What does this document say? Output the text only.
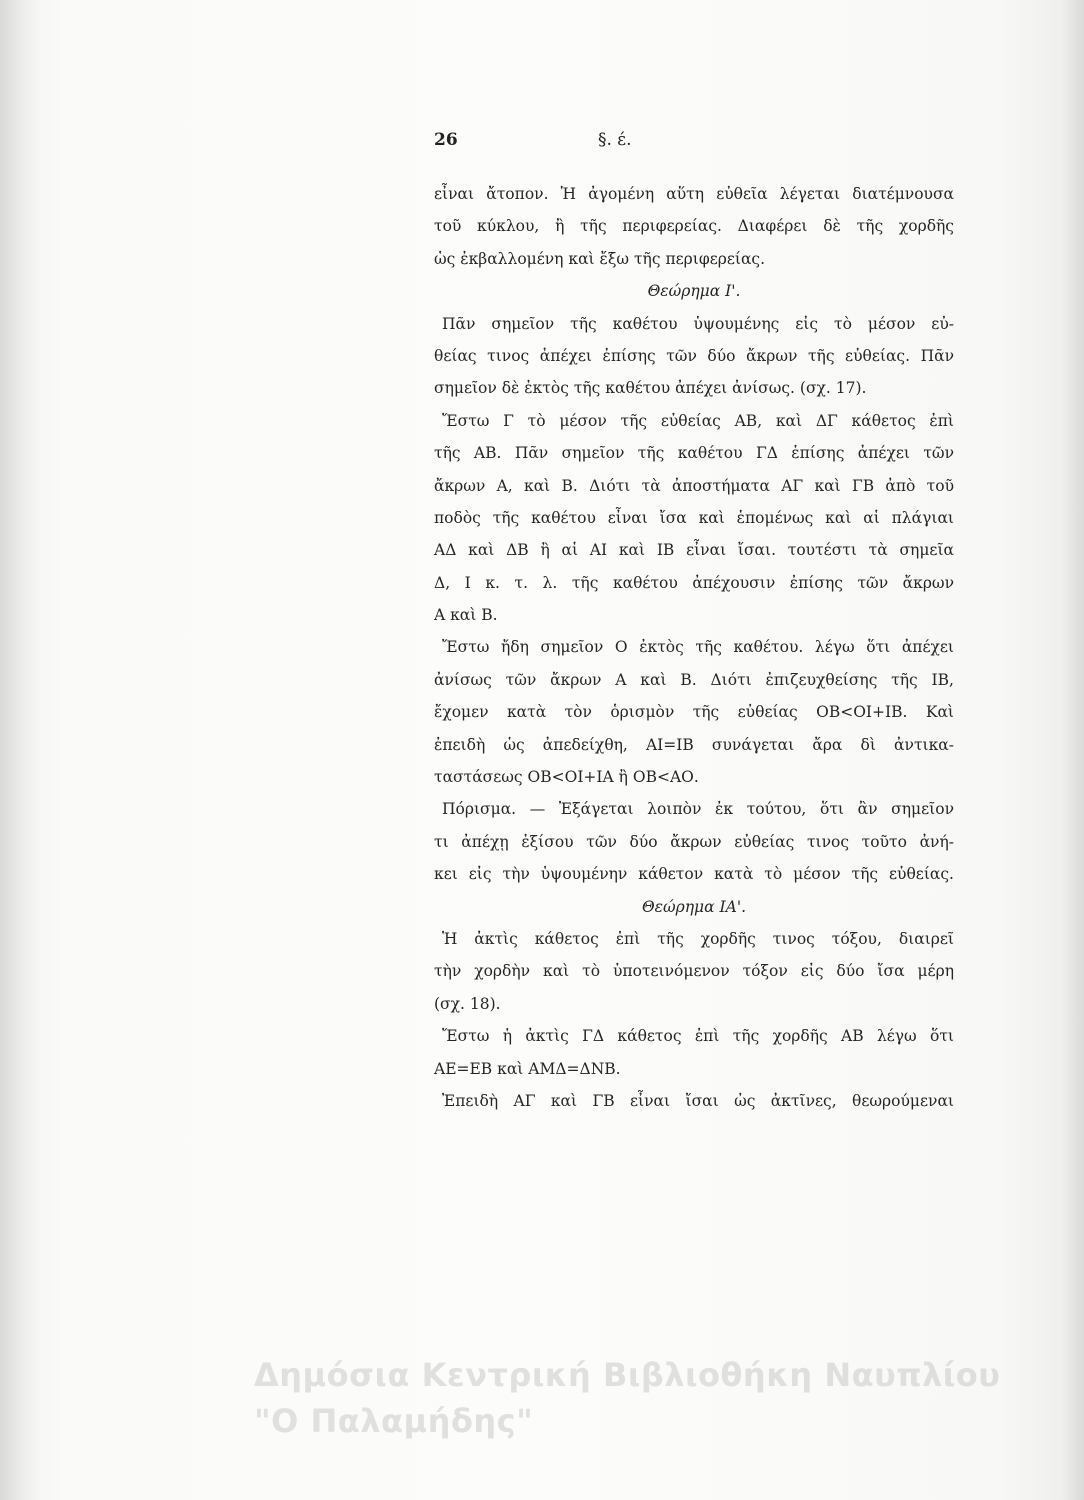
26	§. έ.
εἶναι ἄτοπον. Ἡ ἀγομένη αὕτη εὐθεῖα λέγεται διατέμνουσα
τοῦ κύκλου, ἢ τῆς περιφερείας. Διαφέρει δὲ τῆς χορδῆς
ὡς ἐκβαλλομένη καὶ ἔξω τῆς περιφερείας.
Θεώρημα Ι'.
Πᾶν σημεῖον τῆς καθέτου ὑψουμένης εἰς τὸ μέσον εὐ-
θείας τινος ἀπέχει ἐπίσης τῶν δύο ἄκρων τῆς εὐθείας. Πᾶν
σημεῖον δὲ ἐκτὸς τῆς καθέτου ἀπέχει ἀνίσως. (σχ. 17).
Ἔστω Γ τὸ μέσον τῆς εὐθείας ΑΒ, καὶ ΔΓ κάθετος ἐπὶ
τῆς ΑΒ. Πᾶν σημεῖον τῆς καθέτου ΓΔ ἐπίσης ἀπέχει τῶν
ἄκρων Α, καὶ Β. Διότι τὰ ἀποστήματα ΑΓ καὶ ΓΒ ἀπὸ τοῦ
ποδὸς τῆς καθέτου εἶναι ἴσα καὶ ἑπομένως καὶ αἱ πλάγιαι
ΑΔ καὶ ΔΒ ἢ αἱ ΑΙ καὶ ΙΒ εἶναι ἴσαι. τουτέστι τὰ σημεῖα
Δ, Ι κ. τ. λ. τῆς καθέτου ἀπέχουσιν ἐπίσης τῶν ἄκρων
Α καὶ Β.
Ἔστω ἤδη σημεῖον Ο ἐκτὸς τῆς καθέτου. λέγω ὅτι ἀπέχει
ἀνίσως τῶν ἄκρων Α καὶ Β. Διότι ἐπιζευχθείσης τῆς ΙΒ,
ἔχομεν κατὰ τὸν ὁρισμὸν τῆς εὐθείας ΟΒ<ΟΙ+ΙΒ. Καὶ
ἐπειδὴ ὡς ἀπεδείχθη, ΑΙ=ΙΒ συνάγεται ἄρα δὶ ἀντικα-
ταστάσεως ΟΒ<ΟΙ+ΙΑ ἢ ΟΒ<ΑΟ.
Πόρισμα. — Ἐξάγεται λοιπὸν ἐκ τούτου, ὅτι ἂν σημεῖον
τι ἀπέχῃ ἐξίσου τῶν δύο ἄκρων εὐθείας τινος τοῦτο ἀνή-
κει εἰς τὴν ὑψουμένην κάθετον κατὰ τὸ μέσον τῆς εὐθείας.
Θεώρημα ΙΑ'.
Ἡ ἀκτὶς κάθετος ἐπὶ τῆς χορδῆς τινος τόξου, διαιρεῖ
τὴν χορδὴν καὶ τὸ ὑποτεινόμενον τόξον εἰς δύο ἴσα μέρη
(σχ. 18).
Ἔστω ἡ ἀκτὶς ΓΔ κάθετος ἐπὶ τῆς χορδῆς ΑΒ λέγω ὅτι
ΑΕ=ΕΒ καὶ ΑΜΔ=ΔΝΒ.
Ἐπειδὴ ΑΓ καὶ ΓΒ εἶναι ἴσαι ὡς ἀκτῖνες, θεωρούμεναι
Δημόσια Κεντρική Βιβλιοθήκη Ναυπλίου
"Ο Παλαμήδης"
